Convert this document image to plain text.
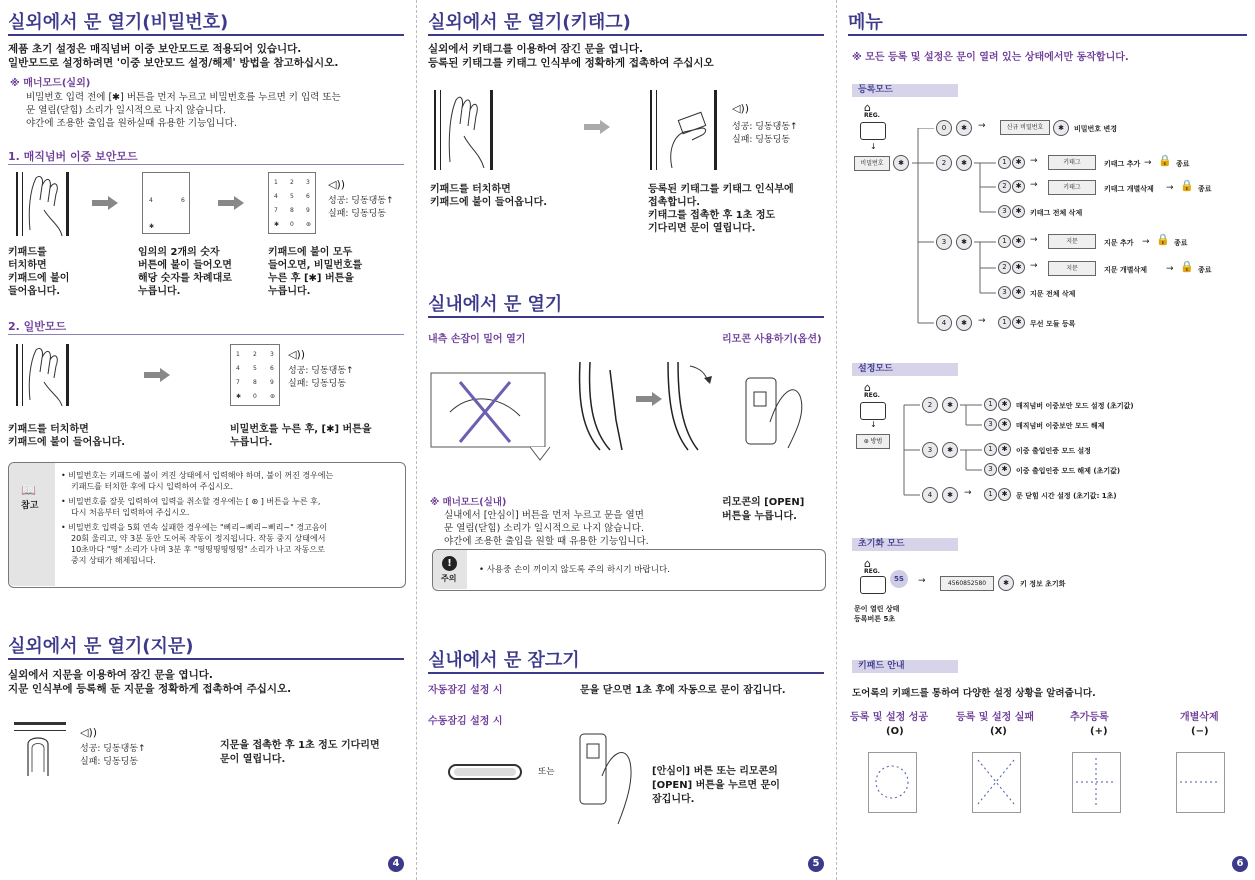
실외에서 문 열기(비밀번호)
제품 초기 설정은 매직넘버 이중 보안모드로 적용되어 있습니다.
일반모드로 설정하려면 '이중 보안모드 설정/해제' 방법을 참고하십시오.
※ 매너모드(실외)
비밀번호 입력 전에 [✱] 버튼을 먼저 누르고 비밀번호를 누르면 키 입력 또는
문 열림(닫힘) 소리가 일시적으로 나지 않습니다.
야간에 조용한 출입을 원하실때 유용한 기능입니다.
1. 매직넘버 이중 보안모드
4	6
✱
1 2 3
4 5 6
7 8 9
✱ 0 ⊛
◁))
성공: 딩동댕동↑
실패: 딩동딩동
키패드를
터치하면
키패드에 불이
들어옵니다.
임의의 2개의 숫자
버튼에 불이 들어오면
해당 숫자를 차례대로
누릅니다.
키패드에 불이 모두
들어오면, 비밀번호를
누른 후 [✱] 버튼을
누릅니다.
2. 일반모드
1 2 3
4 5 6
7 8 9
✱ 0 ⊛
◁))
성공: 딩동댕동↑
실패: 딩동딩동
키패드를 터치하면
키패드에 불이 들어옵니다.
비밀번호를 누른 후, [✱] 버튼을
누릅니다.
📖
참고
• 비밀번호는 키패드에 불이 켜진 상태에서 입력해야 하며, 불이 꺼진 경우에는
키패드를 터치한 후에 다시 입력하여 주십시오.
• 비밀번호를 잘못 입력하여 입력을 취소할 경우에는 [ ⊛ ] 버튼을 누른 후,
다시 처음부터 입력하여 주십시오.
• 비밀번호 입력을 5회 연속 실패한 경우에는 "삐리~삐리~삐리~" 경고음이
20회 울리고, 약 3분 동안 도어록 작동이 정지됩니다. 작동 중지 상태에서
10초마다 "띵" 소리가 나며 3분 후 "띵띵띵띵띵띵" 소리가 나고 자동으로
중지 상태가 해제됩니다.
실외에서 문 열기(지문)
실외에서 지문을 이용하여 잠긴 문을 엽니다.
지문 인식부에 등록해 둔 지문을 정확하게 접촉하여 주십시오.
◁))
성공: 딩동댕동↑
실패: 딩동딩동
지문을 접촉한 후 1초 정도 기다리면
문이 열립니다.
4
실외에서 문 열기(키태그)
실외에서 키태그를 이용하여 잠긴 문을 엽니다.
등록된 키태그를 키태그 인식부에 정확하게 접촉하여 주십시오
◁))
성공: 딩동댕동↑
실패: 딩동딩동
키패드를 터치하면
키패드에 불이 들어옵니다.
등록된 키태그를 키태그 인식부에
접촉합니다.
키태그를 접촉한 후 1초 정도
기다리면 문이 열립니다.
실내에서 문 열기
내측 손잡이 밀어 열기	리모콘 사용하기(옵션)
※ 매너모드(실내)
실내에서 [안심이] 버튼을 먼저 누르고 문을 열면
문 열림(닫힘) 소리가 일시적으로 나지 않습니다.
야간에 조용한 출입을 원할 때 유용한 기능입니다.
리모콘의 [OPEN]
버튼을 누릅니다.
!
주의
• 사용중 손이 끼이지 않도록 주의 하시기 바랍니다.
실내에서 문 잠그기
자동잠김 설정 시	문을 닫으면 1초 후에 자동으로 문이 잠깁니다.
수동잠김 설정 시
또는	[안심이] 버튼 또는 리모콘의
[OPEN] 버튼을 누르면 문이
잠깁니다.
5
메뉴
※ 모든 등록 및 설정은 문이 열려 있는 상태에서만 동작합니다.
등록모드
⌂
REG.
↓
비밀번호	✱
0	✱	→	신규 비밀번호	✱	비밀번호 변경
2	✱	1	✱ →	키태그	키태그 추가 → 🔒 종료
2	✱ →	키태그	키태그 개별삭제 → 🔒 종료
3	✱	키태그 전체 삭제
3	✱	1	✱ →	지문	지문 추가 → 🔒 종료
2	✱ →	지문	지문 개별삭제 → 🔒 종료
3	✱	지문 전체 삭제
4	✱	→	1	✱	무선 모듈 등록
설정모드
⌂
REG.
↓
⊛ 방범
2	✱	1	✱	매직넘버 이중보안 모드 설정 (초기값)
3	✱	매직넘버 이중보안 모드 해제
3	✱	1	✱	이중 출입인증 모드 설정
3	✱	이중 출입인증 모드 해제 (초기값)
4	✱	→	1	✱	문 닫힘 시간 설정 (초기값: 1초)
초기화 모드
⌂
REG.
5S	→	4560852580	✱	키 정보 초기화
문이 열린 상태
등록버튼 5초
키패드 안내
도어록의 키패드를 통하여 다양한 설정 상황을 알려줍니다.
등록 및 설정 성공
(O)
등록 및 설정 실패
(X)
추가등록
(+)
개별삭제
(−)
6
